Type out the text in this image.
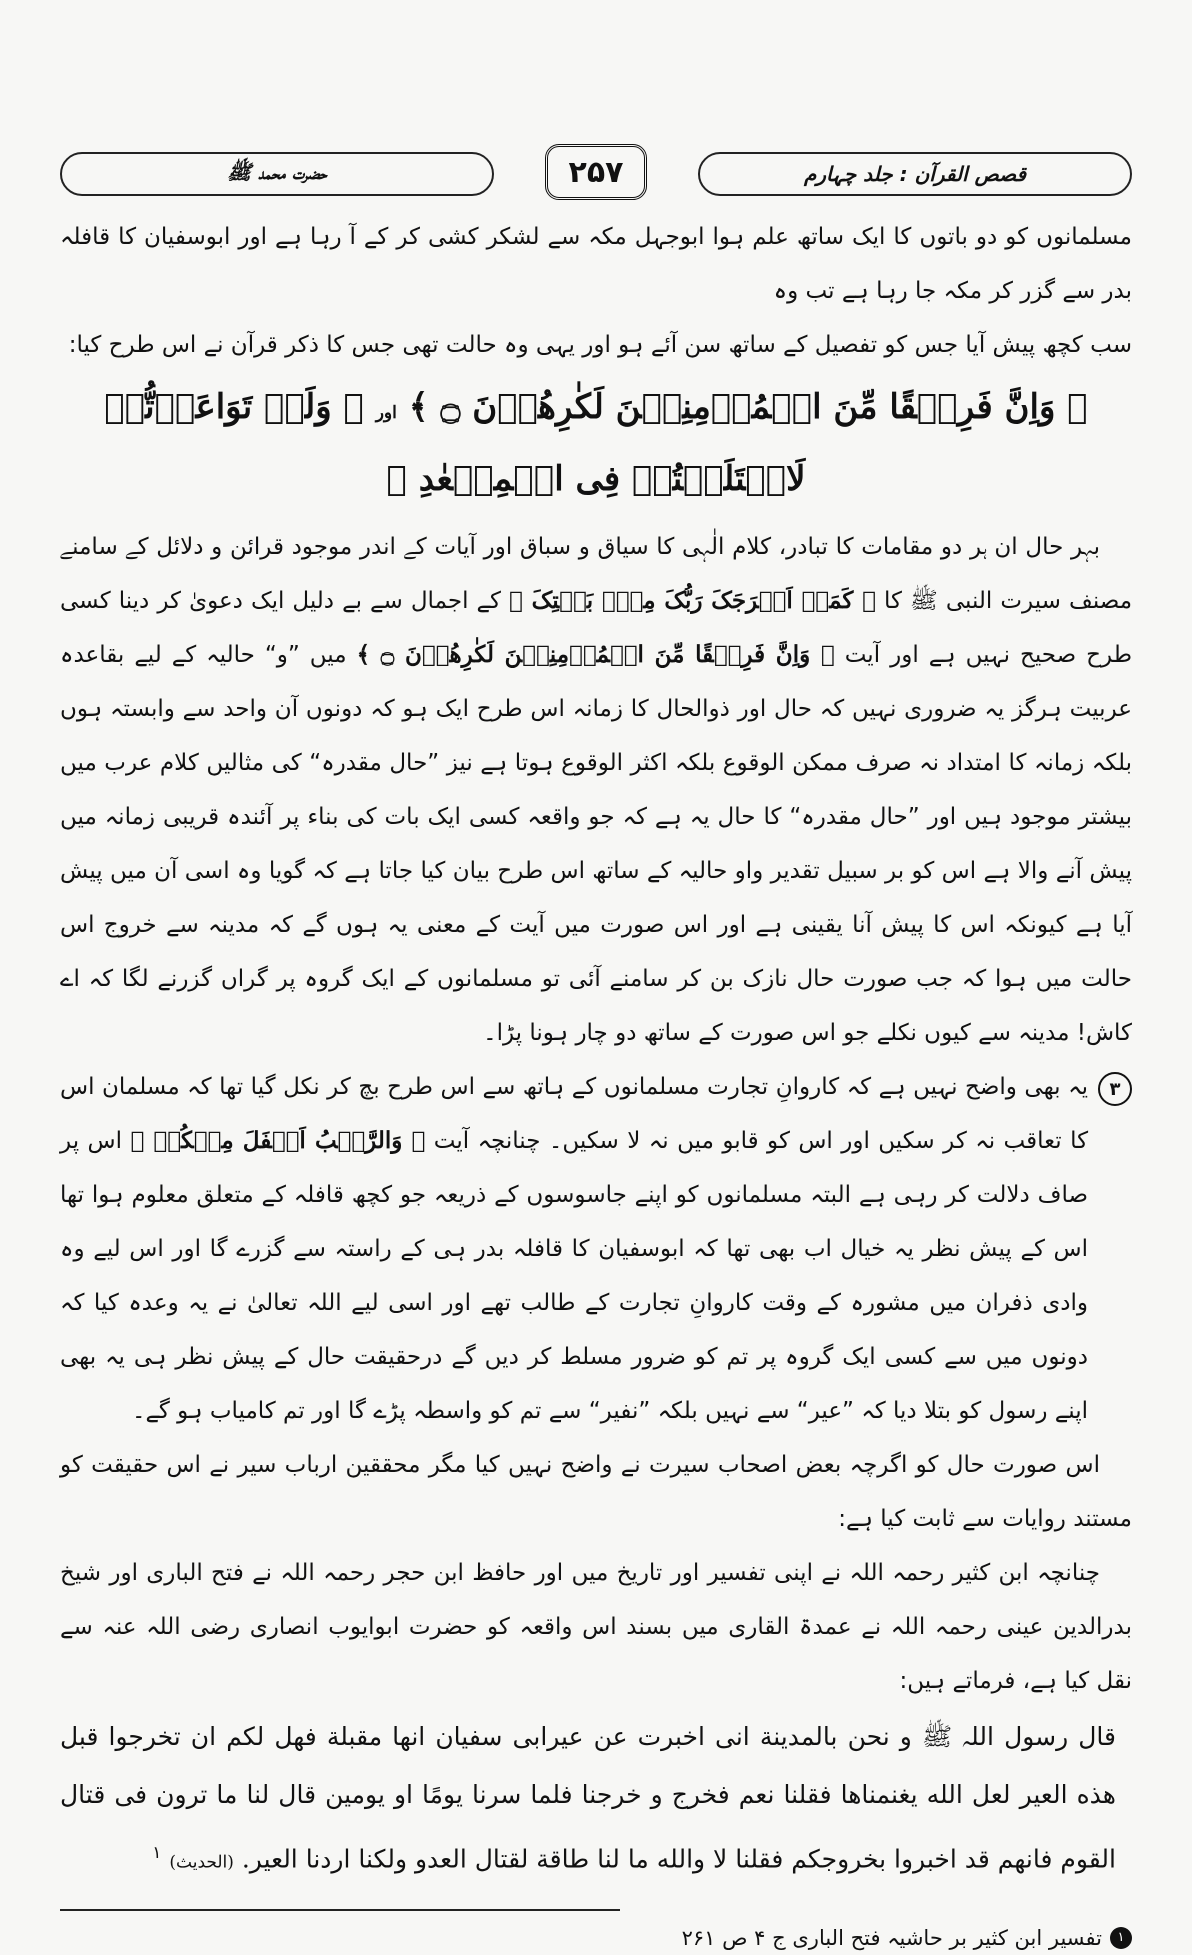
قصص القرآن : جلد چہارم
۲۵۷
حضرت محمد ﷺ

مسلمانوں کو دو باتوں کا ایک ساتھ علم ہوا ابوجہل مکہ سے لشکر کشی کر کے آ رہا ہے اور ابوسفیان کا قافلہ بدر سے گزر کر مکہ جا رہا ہے تب وہ

سب کچھ پیش آیا جس کو تفصیل کے ساتھ سن آئے ہو اور یہی وہ حالت تھی جس کا ذکر قرآن نے اس طرح کیا:

﴿ وَاِنَّ فَرِیۡقًا مِّنَ الۡمُؤۡمِنِیۡنَ لَکٰرِهُوۡنَ ۝ ﴾ اور ﴿ وَلَوۡ تَوَاعَدۡتُّمۡ لَاخۡتَلَفۡتُمۡ فِی الۡمِیۡعٰدِ ﴾

بہر حال ان ہر دو مقامات کا تبادر، کلام الٰہی کا سیاق و سباق اور آیات کے اندر موجود قرائن و دلائل کے سامنے مصنف سیرت النبی ﷺ کا ﴿ کَمَاۤ اَخۡرَجَکَ رَبُّکَ مِنۡۢ بَیۡتِکَ ﴾ کے اجمال سے بے دلیل ایک دعویٰ کر دینا کسی طرح صحیح نہیں ہے اور آیت ﴿ وَاِنَّ فَرِیۡقًا مِّنَ الۡمُؤۡمِنِیۡنَ لَکٰرِهُوۡنَ ۝ ﴾ میں ”و“ حالیہ کے لیے بقاعدہ عربیت ہرگز یہ ضروری نہیں کہ حال اور ذوالحال کا زمانہ اس طرح ایک ہو کہ دونوں آن واحد سے وابستہ ہوں بلکہ زمانہ کا امتداد نہ صرف ممکن الوقوع بلکہ اکثر الوقوع ہوتا ہے نیز ”حال مقدرہ“ کی مثالیں کلام عرب میں بیشتر موجود ہیں اور ”حال مقدرہ“ کا حال یہ ہے کہ جو واقعہ کسی ایک بات کی بناء پر آئندہ قریبی زمانہ میں پیش آنے والا ہے اس کو بر سبیل تقدیر واو حالیہ کے ساتھ اس طرح بیان کیا جاتا ہے کہ گویا وہ اسی آن میں پیش آیا ہے کیونکہ اس کا پیش آنا یقینی ہے اور اس صورت میں آیت کے معنی یہ ہوں گے کہ مدینہ سے خروج اس حالت میں ہوا کہ جب صورت حال نازک بن کر سامنے آئی تو مسلمانوں کے ایک گروہ پر گراں گزرنے لگا کہ اے کاش! مدینہ سے کیوں نکلے جو اس صورت کے ساتھ دو چار ہونا پڑا۔

۳

یہ بھی واضح نہیں ہے کہ کاروانِ تجارت مسلمانوں کے ہاتھ سے اس طرح بچ کر نکل گیا تھا کہ مسلمان اس کا تعاقب نہ کر سکیں اور اس کو قابو میں نہ لا سکیں۔ چنانچہ آیت ﴿ وَالرَّکۡبُ اَسۡفَلَ مِنۡکُمۡ ﴾ اس پر صاف دلالت کر رہی ہے البتہ مسلمانوں کو اپنے جاسوسوں کے ذریعہ جو کچھ قافلہ کے متعلق معلوم ہوا تھا اس کے پیش نظر یہ خیال اب بھی تھا کہ ابوسفیان کا قافلہ بدر ہی کے راستہ سے گزرے گا اور اس لیے وہ وادی ذفران میں مشورہ کے وقت کاروانِ تجارت کے طالب تھے اور اسی لیے اللہ تعالیٰ نے یہ وعدہ کیا کہ دونوں میں سے کسی ایک گروہ پر تم کو ضرور مسلط کر دیں گے درحقیقت حال کے پیش نظر ہی یہ بھی اپنے رسول کو بتلا دیا کہ ”عیر“ سے نہیں بلکہ ”نفیر“ سے تم کو واسطہ پڑے گا اور تم کامیاب ہو گے۔

اس صورت حال کو اگرچہ بعض اصحاب سیرت نے واضح نہیں کیا مگر محققین ارباب سیر نے اس حقیقت کو مستند روایات سے ثابت کیا ہے:

چنانچہ ابن کثیر رحمہ اللہ نے اپنی تفسیر اور تاریخ میں اور حافظ ابن حجر رحمہ اللہ نے فتح الباری اور شیخ بدرالدین عینی رحمہ اللہ نے عمدۃ القاری میں بسند اس واقعہ کو حضرت ابوایوب انصاری رضی اللہ عنہ سے نقل کیا ہے، فرماتے ہیں:

قال رسول اللہ ﷺ و نحن بالمدينة انی اخبرت عن عيرابی سفيان انها مقبلة فهل لكم ان تخرجوا قبل هذه العير لعل الله يغنمناها فقلنا نعم فخرج و خرجنا فلما سرنا يومًا او يومين قال لنا ما ترون فی قتال القوم فانهم قد اخبروا بخروجكم فقلنا لا والله ما لنا طاقة لقتال العدو ولكنا اردنا العير. (الحديث) $^۱$

۱
تفسیر ابن کثیر بر حاشیہ فتح الباری ج ۴ ص ۲۶۱
